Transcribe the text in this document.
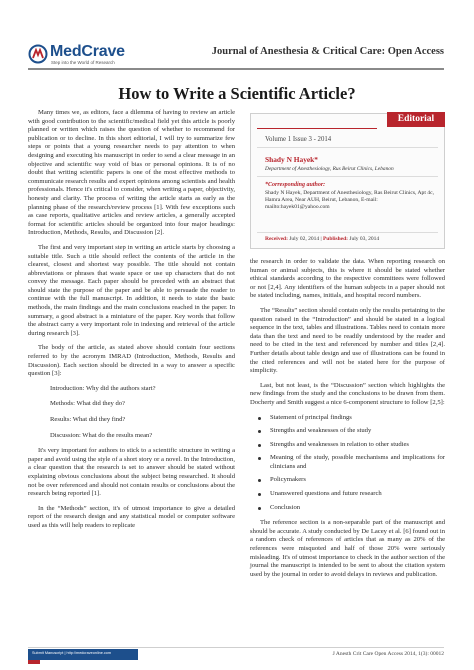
MedCrave
Step into the World of Research
Journal of Anesthesia & Critical Care: Open Access
How to Write a Scientific Article?

Many times we, as editors, face a dilemma of having to review an article with good contribution to the scientific/medical field yet this article is poorly planned or written which raises the question of whether to recommend for publication or to decline. In this short editorial, I will try to summarize few steps or points that a young researcher needs to pay attention to when designing and executing his manuscript in order to send a clear message in an objective and scientific way void of bias or personal opinions. It is of no doubt that writing scientific papers is one of the most effective methods to communicate research results and expert opinions among scientists and health professionals. Hence it's critical to consider, when writing a paper, objectivity, honesty and clarity. The process of writing the article starts as early as the planning phase of the research/review process [1]. With few exceptions such as case reports, qualitative articles and review articles, a generally accepted format for scientific articles should be organized into four major headings: Introduction, Methods, Results, and Discussion [2].

The first and very important step in writing an article starts by choosing a suitable title. Such a title should reflect the contents of the article in the clearest, closest and shortest way possible. The title should not contain abbreviations or phrases that waste space or use up characters that do not convey the message. Each paper should be preceded with an abstract that should state the purpose of the paper and be able to persuade the reader to continue with the full manuscript. In addition, it needs to state the basic methods, the main findings and the main conclusions reached in the paper. In summary, a good abstract is a miniature of the paper. Key words that follow the abstract carry a very important role in indexing and retrieval of the article during research [3].

The body of the article, as stated above should contain four sections referred to by the acronym IMRAD (Introduction, Methods, Results and Discussion). Each section should be directed in a way to answer a specific question [3]:

Introduction: Why did the authors start?

Methods: What did they do?

Results: What did they find?

Discussion: What do the results mean?

It's very important for authors to stick to a scientific structure in writing a paper and avoid using the style of a short story or a novel. In the Introduction, a clear question that the research is set to answer should be stated without explaining obvious conclusions about the subject being researched. It should not be over referenced and should not contain results or conclusions about the research being reported [1].

In the “Methods” section, it's of utmost importance to give a detailed report of the research design and any statistical model or computer software used as this will help readers to replicate

Editorial
Volume 1 Issue 3 - 2014
Shady N Hayek*
Department of Anesthesiology, Rus Beirut Clinics, Lebanon
*Corresponding author:
Shady N Hayek, Department of Anesthesiology, Ras Beirut Clinics, Apt 4c, Hamra Area, Near AUH, Beirut, Lebanon, E-mail: mailto:hayek01@yahoo.com
Received: July 02, 2014 | Published: July 03, 2014

the research in order to validate the data. When reporting research on human or animal subjects, this is where it should be stated whether ethical standards according to the respective committees were followed or not [2,4]. Any identifiers of the human subjects in a paper should not be stated including, names, initials, and hospital record numbers.

The “Results” section should contain only the results pertaining to the question raised in the “Introduction” and should be stated in a logical sequence in the text, tables and illustrations. Tables need to contain more data than the text and need to be readily understood by the reader and need to be cited in the text and referenced by number and titles [2,4]. Further details about table design and use of illustrations can be found in the cited references and will not be stated here for the purpose of simplicity.

Last, but not least, is the “Discussion” section which highlights the new findings from the study and the conclusions to be drawn from them. Docherty and Smith suggest a nice 6-component structure to follow [2,5]:

Statement of principal findings
Strengths and weaknesses of the study
Strengths and weaknesses in relation to other studies
Meaning of the study, possible mechanisms and implications for clinicians and
Policymakers
Unanswered questions and future research
Conclusion

The reference section is a non-separable part of the manuscript and should be accurate. A study conducted by De Lacey et al. [6] found out in a random check of references of articles that as many as 20% of the references were misquoted and half of those 20% were seriously misleading. It's of utmost importance to check in the author section of the journal the manuscript is intended to be sent to about the citation system used by the journal in order to avoid delays in reviews and publication.

Submit Manuscript | http://medcraveonline.com	J Anesth Crit Care Open Access 2014, 1(3): 00012
